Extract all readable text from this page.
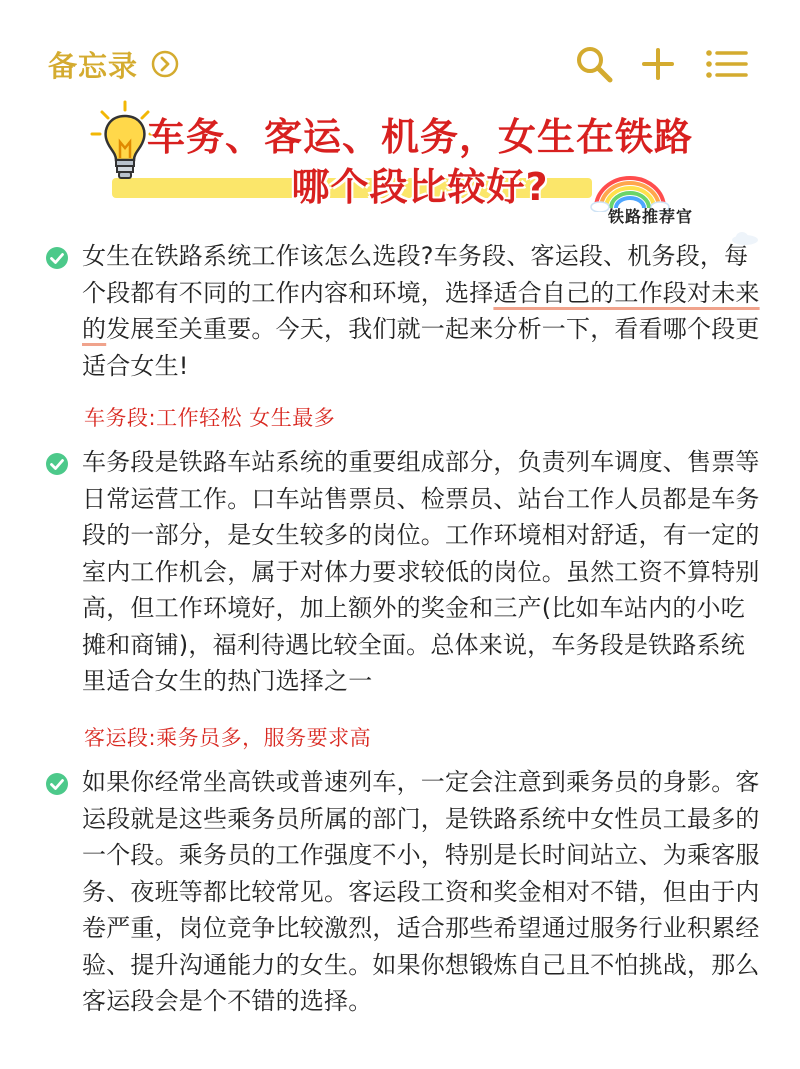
备忘录
车务、客运、机务，女生在铁路
哪个段比较好?
铁路推荐官
女生在铁路系统工作该怎么选段?车务段、客运段、机务段，每个段都有不同的工作内容和环境，选择适合自己的工作段对未来的发展至关重要。今天，我们就一起来分析一下，看看哪个段更适合女生!
车务段:工作轻松 女生最多
车务段是铁路车站系统的重要组成部分，负责列车调度、售票等日常运营工作。口车站售票员、检票员、站台工作人员都是车务段的一部分，是女生较多的岗位。工作环境相对舒适，有一定的室内工作机会，属于对体力要求较低的岗位。虽然工资不算特别高，但工作环境好，加上额外的奖金和三产(比如车站内的小吃摊和商铺)，福利待遇比较全面。总体来说，车务段是铁路系统里适合女生的热门选择之一
客运段:乘务员多，服务要求高
如果你经常坐高铁或普速列车，一定会注意到乘务员的身影。客运段就是这些乘务员所属的部门，是铁路系统中女性员工最多的一个段。乘务员的工作强度不小，特别是长时间站立、为乘客服务、夜班等都比较常见。客运段工资和奖金相对不错，但由于内卷严重，岗位竞争比较激烈，适合那些希望通过服务行业积累经验、提升沟通能力的女生。如果你想锻炼自己且不怕挑战，那么客运段会是个不错的选择。
